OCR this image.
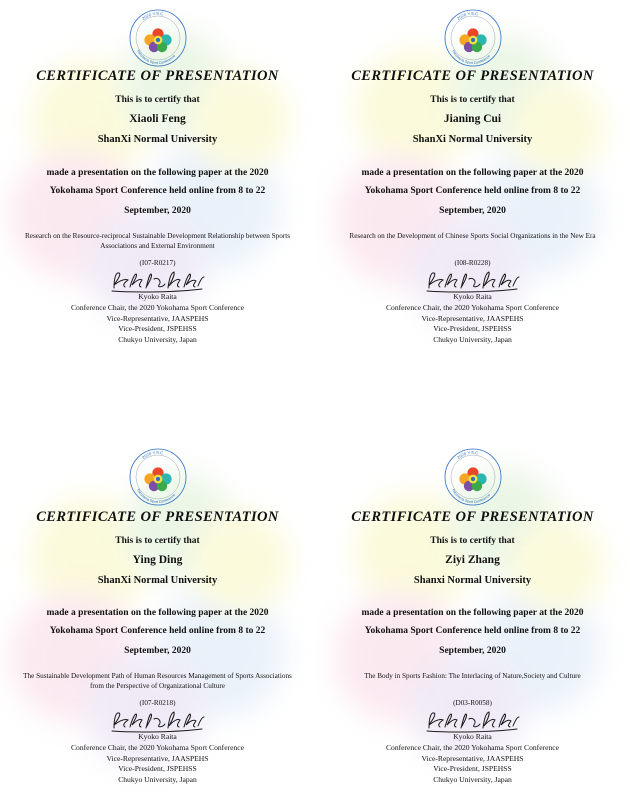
2020 Y.S.C
Yokohama Sport Conference
CERTIFICATE OF PRESENTATION
This is to certify that
Xiaoli Feng
ShanXi Normal University
made a presentation on the following paper at the 2020
Yokohama Sport Conference held online from 8 to 22
September, 2020
Research on the Resource-reciprocal Sustainable Development Relationship between Sports Associations and External Environment
(I07-R0217)
Kyoko Raita
Conference Chair, the 2020 Yokohama Sport Conference
Vice-Representative, JAASPEHS
Vice-President, JSPEHSS
Chukyo University, Japan
2020 Y.S.C
Yokohama Sport Conference
CERTIFICATE OF PRESENTATION
This is to certify that
Jianing Cui
ShanXi Normal University
made a presentation on the following paper at the 2020
Yokohama Sport Conference held online from 8 to 22
September, 2020
Research on the Development of Chinese Sports Social Organizations in the New Era
(I08-R0228)
Kyoko Raita
Conference Chair, the 2020 Yokohama Sport Conference
Vice-Representative, JAASPEHS
Vice-President, JSPEHSS
Chukyo University, Japan
2020 Y.S.C
Yokohama Sport Conference
CERTIFICATE OF PRESENTATION
This is to certify that
Ying Ding
ShanXi Normal University
made a presentation on the following paper at the 2020
Yokohama Sport Conference held online from 8 to 22
September, 2020
The Sustainable Development Path of Human Resources Management of Sports Associations from the Perspective of Organizational Culture
(I07-R0218)
Kyoko Raita
Conference Chair, the 2020 Yokohama Sport Conference
Vice-Representative, JAASPEHS
Vice-President, JSPEHSS
Chukyo University, Japan
2020 Y.S.C
Yokohama Sport Conference
CERTIFICATE OF PRESENTATION
This is to certify that
Ziyi Zhang
Shanxi Normal University
made a presentation on the following paper at the 2020
Yokohama Sport Conference held online from 8 to 22
September, 2020
The Body in Sports Fashion: The Interlacing of Nature,Society and Culture
(D03-R0058)
Kyoko Raita
Conference Chair, the 2020 Yokohama Sport Conference
Vice-Representative, JAASPEHS
Vice-President, JSPEHSS
Chukyo University, Japan
